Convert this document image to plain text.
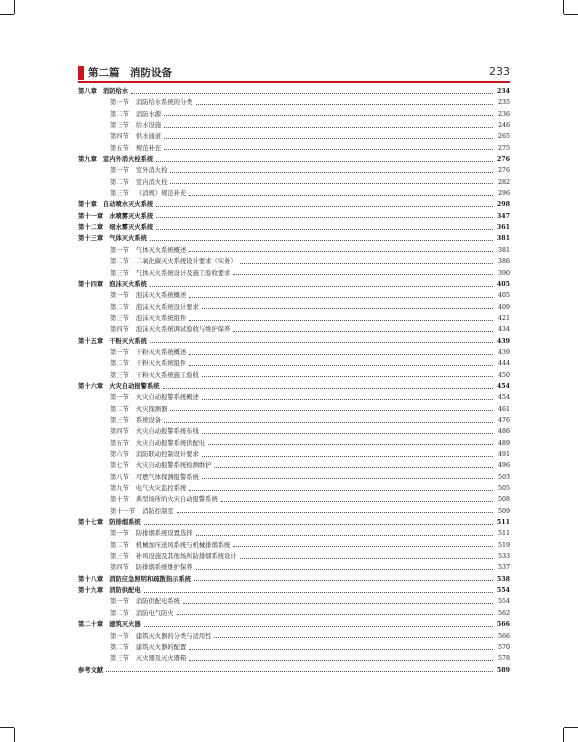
第二篇　消防设备	233
第八章 消防给水	234
第一节 消防给水系统的分类	235
第二节 消防水源	236
第三节 给水设施	246
第四节 供水通道	265
第五节 规范补充	275
第九章 室内外消火栓系统	276
第一节 室外消火栓	276
第二节 室内消火栓	282
第三节 《消规》规范补充	296
第十章 自动喷水灭火系统	298
第十一章 水喷雾灭火系统	347
第十二章 细水雾灭火系统	361
第十三章 气体灭火系统	381
第一节 气体灭火系统概述	381
第二节 二氧化碳灭火系统设计要求（实务）	386
第三节 气体灭火系统设计及施工验收要求	390
第十四章 泡沫灭火系统	405
第一节 泡沫灭火系统概述	405
第二节 泡沫灭火系统设计要求	409
第三节 泡沫灭火系统组件	421
第四节 泡沫灭火系统调试验收与维护保养	434
第十五章 干粉灭火系统	439
第一节 干粉灭火系统概述	439
第二节 干粉灭火系统组件	444
第三节 干粉灭火系统施工验收	450
第十六章 火灾自动报警系统	454
第一节 火灾自动报警系统概述	454
第二节 火灾探测器	461
第三节 系统设备	476
第四节 火灾自动报警系统布线	486
第五节 火灾自动报警系统供配电	489
第六节 消防联动控制设计要求	491
第七节 火灾自动报警系统检测维护	496
第八节 可燃气体探测报警系统	503
第九节 电气火灾监控系统	505
第十节 典型场所的火灾自动报警系统	508
第十一节 消防控制室	509
第十七章 防排烟系统	511
第一节 防排烟系统设置选择	511
第二节 机械加压送风系统与机械排烟系统	519
第三节 补风设施及其他场所防排烟系统设计	533
第四节 防排烟系统维护保养	537
第十八章 消防应急照明和疏散指示系统	538
第十九章 消防供配电	554
第一节 消防供配电系统	554
第二节 消防电气防火	562
第二十章 建筑灭火器	566
第一节 建筑灭火器的分类与适用性	566
第二节 建筑灭火器的配置	570
第三节 灭火器及灭火器箱	578
参考文献	589
